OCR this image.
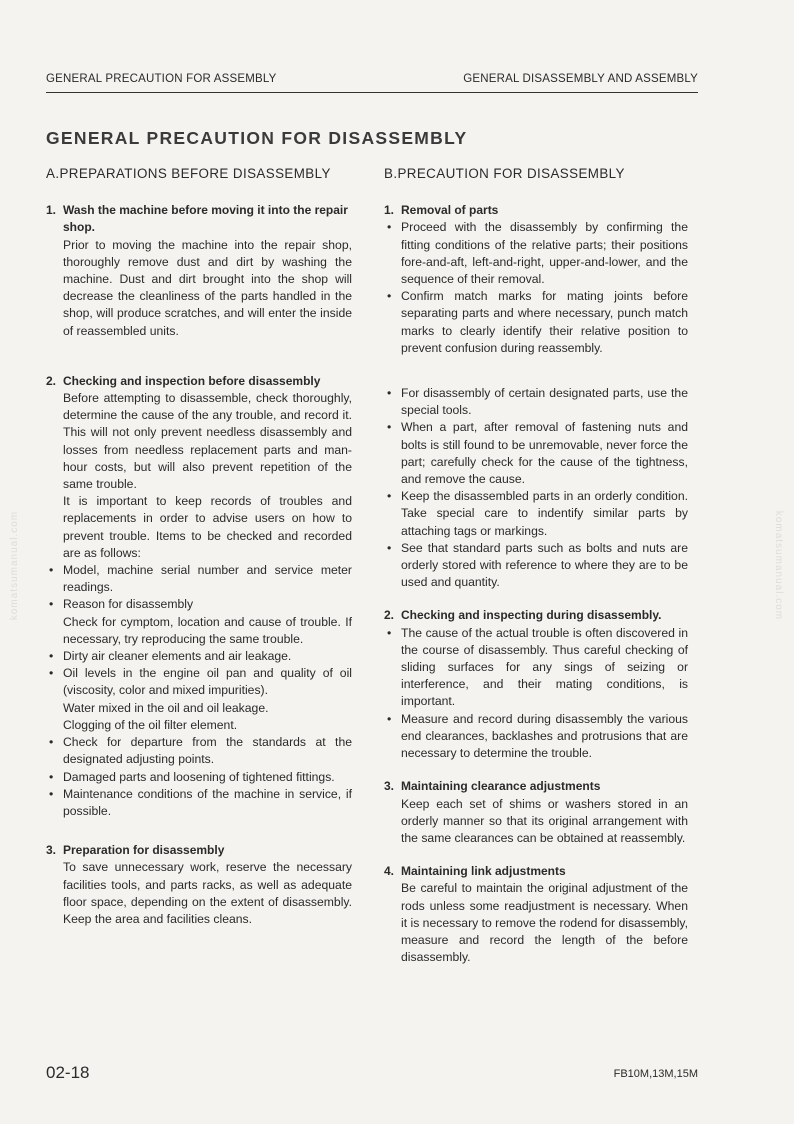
GENERAL PRECAUTION FOR ASSEMBLY	GENERAL DISASSEMBLY AND ASSEMBLY
GENERAL PRECAUTION FOR DISASSEMBLY
komatsumanual.com	komatsumanual.com
A.PREPARATIONS BEFORE DISASSEMBLY
1. Wash the machine before moving it into the repair shop.
Prior to moving the machine into the repair shop, thoroughly remove dust and dirt by washing the machine. Dust and dirt brought into the shop will decrease the cleanliness of the parts handled in the shop, will produce scratches, and will enter the inside of reassembled units.
2. Checking and inspection before disassembly
Before attempting to disassemble, check thoroughly, determine the cause of the any trouble, and record it. This will not only prevent needless disassembly and losses from needless replacement parts and man-hour costs, but will also prevent repetition of the same trouble.
It is important to keep records of troubles and replacements in order to advise users on how to prevent trouble. Items to be checked and recorded are as follows:
• Model, machine serial number and service meter readings.
• Reason for disassembly
Check for cymptom, location and cause of trouble. If necessary, try reproducing the same trouble.
• Dirty air cleaner elements and air leakage.
• Oil levels in the engine oil pan and quality of oil (viscosity, color and mixed impurities).
Water mixed in the oil and oil leakage.
Clogging of the oil filter element.
• Check for departure from the standards at the designated adjusting points.
• Damaged parts and loosening of tightened fittings.
• Maintenance conditions of the machine in service, if possible.
3. Preparation for disassembly
To save unnecessary work, reserve the necessary facilities tools, and parts racks, as well as adequate floor space, depending on the extent of disassembly. Keep the area and facilities cleans.
B.PRECAUTION FOR DISASSEMBLY
1. Removal of parts
• Proceed with the disassembly by confirming the fitting conditions of the relative parts; their positions fore-and-aft, left-and-right, upper-and-lower, and the sequence of their removal.
• Confirm match marks for mating joints before separating parts and where necessary, punch match marks to clearly identify their relative position to prevent confusion during reassembly.
• For disassembly of certain designated parts, use the special tools.
• When a part, after removal of fastening nuts and bolts is still found to be unremovable, never force the part; carefully check for the cause of the tightness, and remove the cause.
• Keep the disassembled parts in an orderly condition. Take special care to indentify similar parts by attaching tags or markings.
• See that standard parts such as bolts and nuts are orderly stored with reference to where they are to be used and quantity.
2. Checking and inspecting during disassembly.
• The cause of the actual trouble is often discovered in the course of disassembly. Thus careful checking of sliding surfaces for any sings of seizing or interference, and their mating conditions, is important.
• Measure and record during disassembly the various end clearances, backlashes and protrusions that are necessary to determine the trouble.
3. Maintaining clearance adjustments
Keep each set of shims or washers stored in an orderly manner so that its original arrangement with the same clearances can be obtained at reassembly.
4. Maintaining link adjustments
Be careful to maintain the original adjustment of the rods unless some readjustment is necessary. When it is necessary to remove the rodend for disassembly, measure and record the length of the before disassembly.
02-18	FB10M,13M,15M
